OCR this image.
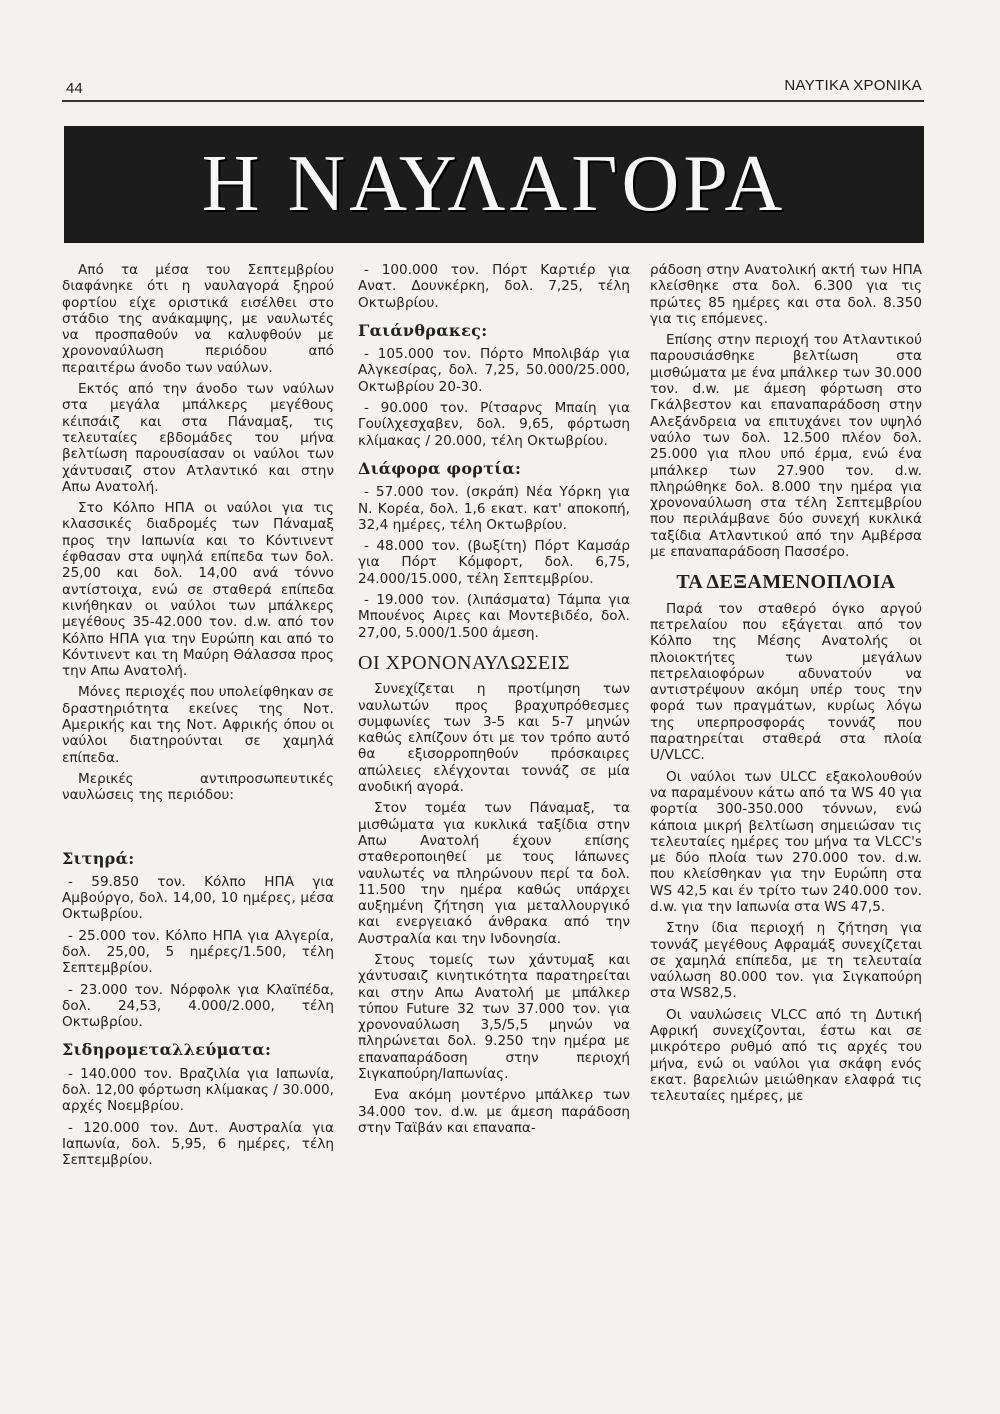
44	ΝΑΥΤΙΚΑ ΧΡΟΝΙΚΑ
Η ΝΑΥΛΑΓΟΡΑ

Από τα μέσα του Σεπτεμβρίου διαφάνηκε ότι η ναυλαγορά ξηρού φορτίου είχε οριστικά εισέλθει στο στάδιο της ανάκαμψης, με ναυλωτές να προσπαθούν να καλυφθούν με χρονοναύλωση περιόδου από περαιτέρω άνοδο των ναύλων.

Εκτός από την άνοδο των ναύλων στα μεγάλα μπάλκερς μεγέθους κέιπσάιζ και στα Πάναμαξ, τις τελευταίες εβδομάδες του μήνα βελτίωση παρουσίασαν οι ναύλοι των χάντυσαιζ στον Ατλαντικό και στην Απω Ανατολή.

Στο Κόλπο ΗΠΑ οι ναύλοι για τις κλασσικές διαδρομές των Πάναμαξ προς την Ιαπωνία και το Κόντινεντ έφθασαν στα υψηλά επίπεδα των δολ. 25,00 και δολ. 14,00 ανά τόννο αντίστοιχα, ενώ σε σταθερά επίπεδα κινήθηκαν οι ναύλοι των μπάλκερς μεγέθους 35-42.000 τον. d.w. από τον Κόλπο ΗΠΑ για την Ευρώπη και από το Κόντινεντ και τη Μαύρη Θάλασσα προς την Απω Ανατολή.

Μόνες περιοχές που υπολείφθηκαν σε δραστηριότητα εκείνες της Νοτ. Αμερικής και της Νοτ. Αφρικής όπου οι ναύλοι διατηρούνται σε χαμηλά επίπεδα.

Μερικές αντιπροσωπευτικές ναυλώσεις της περιόδου:

Σιτηρά:

- 59.850 τον. Κόλπο ΗΠΑ για Αμβούργο, δολ. 14,00, 10 ημέρες, μέσα Οκτωβρίου.

- 25.000 τον. Κόλπο ΗΠΑ για Αλγερία, δολ. 25,00, 5 ημέρες/1.500, τέλη Σεπτεμβρίου.

- 23.000 τον. Νόρφολκ για Κλαϊπέδα, δολ. 24,53, 4.000/2.000, τέλη Οκτωβρίου.

Σιδηρομεταλλεύματα:

- 140.000 τον. Βραζιλία για Ιαπωνία, δολ. 12,00 φόρτωση κλίμακας / 30.000, αρχές Νοεμβρίου.

- 120.000 τον. Δυτ. Αυστραλία για Ιαπωνία, δολ. 5,95, 6 ημέρες, τέλη Σεπτεμβρίου.

- 100.000 τον. Πόρτ Καρτιέρ για Ανατ. Δουνκέρκη, δολ. 7,25, τέλη Οκτωβρίου.

Γαιάνθρακες:

- 105.000 τον. Πόρτο Μπολιβάρ για Αλγκεσίρας, δολ. 7,25, 50.000/25.000, Οκτωβρίου 20-30.

- 90.000 τον. Ρίτσαρνς Μπαίη για Γουίλχεσχαβεν, δολ. 9,65, φόρτωση κλίμακας / 20.000, τέλη Οκτωβρίου.

Διάφορα φορτία:

- 57.000 τον. (σκράπ) Νέα Υόρκη για Ν. Κορέα, δολ. 1,6 εκατ. κατ' αποκοπή, 32,4 ημέρες, τέλη Οκτωβρίου.

- 48.000 τον. (βωξίτη) Πόρτ Καμσάρ για Πόρτ Κόμφορτ, δολ. 6,75, 24.000/15.000, τέλη Σεπτεμβρίου.

- 19.000 τον. (λιπάσματα) Τάμπα για Μπουένος Αιρες και Μοντεβιδέο, δολ. 27,00, 5.000/1.500 άμεση.

ΟΙ ΧΡΟΝΟΝΑΥΛΩΣΕΙΣ

Συνεχίζεται η προτίμηση των ναυλωτών προς βραχυπρόθεσμες συμφωνίες των 3-5 και 5-7 μηνών καθώς ελπίζουν ότι με τον τρόπο αυτό θα εξισορροπηθούν πρόσκαιρες απώλειες ελέγχονται τοννάζ σε μία ανοδική αγορά.

Στον τομέα των Πάναμαξ, τα μισθώματα για κυκλικά ταξίδια στην Απω Ανατολή έχουν επίσης σταθεροποιηθεί με τους Ιάπωνες ναυλωτές να πληρώνουν περί τα δολ. 11.500 την ημέρα καθώς υπάρχει αυξημένη ζήτηση για μεταλλουργικό και ενεργειακό άνθρακα από την Αυστραλία και την Ινδονησία.

Στους τομείς των χάντυμαξ και χάντυσαιζ κινητικότητα παρατηρείται και στην Απω Ανατολή με μπάλκερ τύπου Future 32 των 37.000 τον. για χρονοναύλωση 3,5/5,5 μηνών να πληρώνεται δολ. 9.250 την ημέρα με επαναπαράδοση στην περιοχή Σιγκαπούρη/Ιαπωνίας.

Ενα ακόμη μοντέρνο μπάλκερ των 34.000 τον. d.w. με άμεση παράδοση στην Ταϊβάν και επαναπα-

ράδοση στην Ανατολική ακτή των ΗΠΑ κλείσθηκε στα δολ. 6.300 για τις πρώτες 85 ημέρες και στα δολ. 8.350 για τις επόμενες.

Επίσης στην περιοχή του Ατλαντικού παρουσιάσθηκε βελτίωση στα μισθώματα με ένα μπάλκερ των 30.000 τον. d.w. με άμεση φόρτωση στο Γκάλβεστον και επαναπαράδοση στην Αλεξάνδρεια να επιτυχάνει τον υψηλό ναύλο των δολ. 12.500 πλέον δολ. 25.000 για πλου υπό έρμα, ενώ ένα μπάλκερ των 27.900 τον. d.w. πληρώθηκε δολ. 8.000 την ημέρα για χρονοναύλωση στα τέλη Σεπτεμβρίου που περιλάμβανε δύο συνεχή κυκλικά ταξίδια Ατλαντικού από την Αμβέρσα με επαναπαράδοση Πασσέρο.

ΤΑ ΔΕΞΑΜΕΝΟΠΛΟΙΑ

Παρά τον σταθερό όγκο αργού πετρελαίου που εξάγεται από τον Κόλπο της Μέσης Ανατολής οι πλοιοκτήτες των μεγάλων πετρελαιοφόρων αδυνατούν να αντιστρέψουν ακόμη υπέρ τους την φορά των πραγμάτων, κυρίως λόγω της υπερπροσφοράς τοννάζ που παρατηρείται σταθερά στα πλοία U/VLCC.

Οι ναύλοι των ULCC εξακολουθούν να παραμένουν κάτω από τα WS 40 για φορτία 300-350.000 τόννων, ενώ κάποια μικρή βελτίωση σημειώσαν τις τελευταίες ημέρες του μήνα τα VLCC's με δύο πλοία των 270.000 τον. d.w. που κλείσθηκαν για την Ευρώπη στα WS 42,5 και έν τρίτο των 240.000 τον. d.w. για την Ιαπωνία στα WS 47,5.

Στην ίδια περιοχή η ζήτηση για τοννάζ μεγέθους Αφραμάξ συνεχίζεται σε χαμηλά επίπεδα, με τη τελευταία ναύλωση 80.000 τον. για Σιγκαπούρη στα WS82,5.

Οι ναυλώσεις VLCC από τη Δυτική Αφρική συνεχίζονται, έστω και σε μικρότερο ρυθμό από τις αρχές του μήνα, ενώ οι ναύλοι για σκάφη ενός εκατ. βαρελιών μειώθηκαν ελαφρά τις τελευταίες ημέρες, με
